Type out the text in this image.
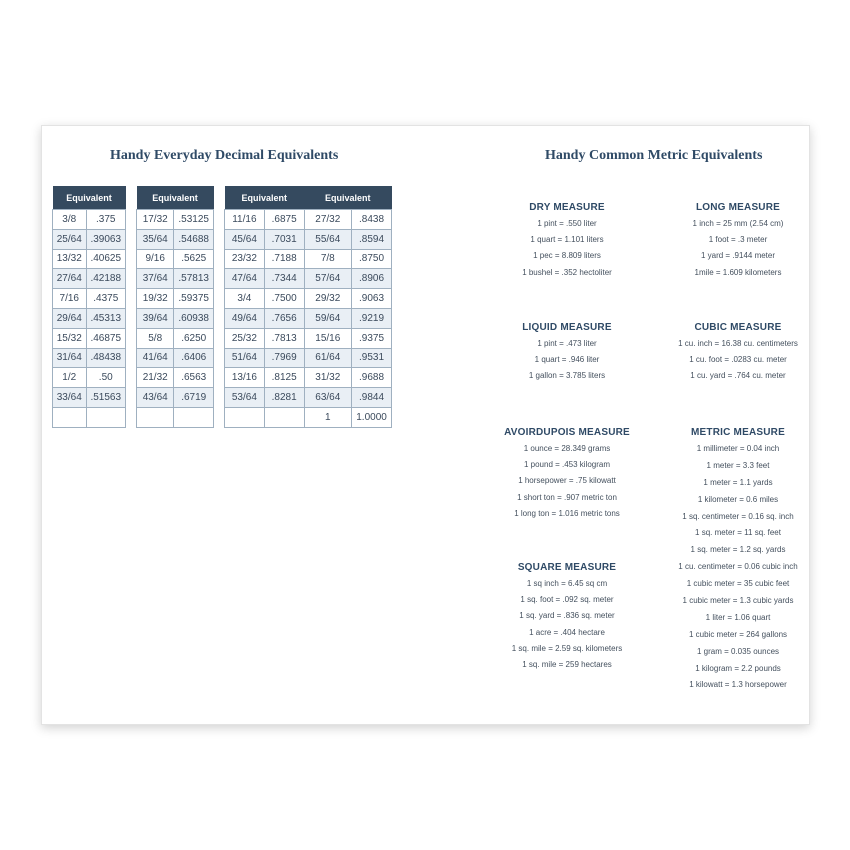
Handy Everyday Decimal Equivalents	Handy Common Metric Equivalents
Equivalent	
3/8	.375
25/64	.39063
13/32	.40625
27/64	.42188
7/16	.4375
29/64	.45313
15/32	.46875
31/64	.48438
1/2	.50
33/64	.51563

Equivalent	
17/32	.53125
35/64	.54688
9/16	.5625
37/64	.57813
19/32	.59375
39/64	.60938
5/8	.6250
41/64	.6406
21/32	.6563
43/64	.6719

Equivalent		Equivalent	
11/16	.6875	27/32	.8438
45/64	.7031	55/64	.8594
23/32	.7188	7/8	.8750
47/64	.7344	57/64	.8906
3/4	.7500	29/32	.9063
49/64	.7656	59/64	.9219
25/32	.7813	15/16	.9375
51/64	.7969	61/64	.9531
13/16	.8125	31/32	.9688
53/64	.8281	63/64	.9844
		1	1.0000
DRY MEASURE
1 pint = .550 liter
1 quart = 1.101 liters
1 pec = 8.809 liters
1 bushel = .352 hectoliter
LIQUID MEASURE
1 pint = .473 liter
1 quart = .946 liter
1 gallon = 3.785 liters
AVOIRDUPOIS MEASURE
1 ounce = 28.349 grams
1 pound = .453 kilogram
1 horsepower = .75 kilowatt
1 short ton = .907 metric ton
1 long ton = 1.016 metric tons
SQUARE MEASURE
1 sq inch = 6.45 sq cm
1 sq. foot = .092 sq. meter
1 sq. yard = .836 sq. meter
1 acre = .404 hectare
1 sq. mile = 2.59 sq. kilometers
1 sq. mile = 259 hectares
LONG MEASURE
1 inch = 25 mm (2.54 cm)
1 foot = .3 meter
1 yard = .9144 meter
1mile = 1.609 kilometers
CUBIC MEASURE
1 cu. inch = 16.38 cu. centimeters
1 cu. foot = .0283 cu. meter
1 cu. yard = .764 cu. meter
METRIC MEASURE
1 millimeter = 0.04 inch
1 meter = 3.3 feet
1 meter = 1.1 yards
1 kilometer = 0.6 miles
1 sq. centimeter = 0.16 sq. inch
1 sq. meter = 11 sq. feet
1 sq. meter = 1.2 sq. yards
1 cu. centimeter = 0.06 cubic inch
1 cubic meter = 35 cubic feet
1 cubic meter = 1.3 cubic yards
1 liter = 1.06 quart
1 cubic meter = 264 gallons
1 gram = 0.035 ounces
1 kilogram = 2.2 pounds
1 kilowatt = 1.3 horsepower
